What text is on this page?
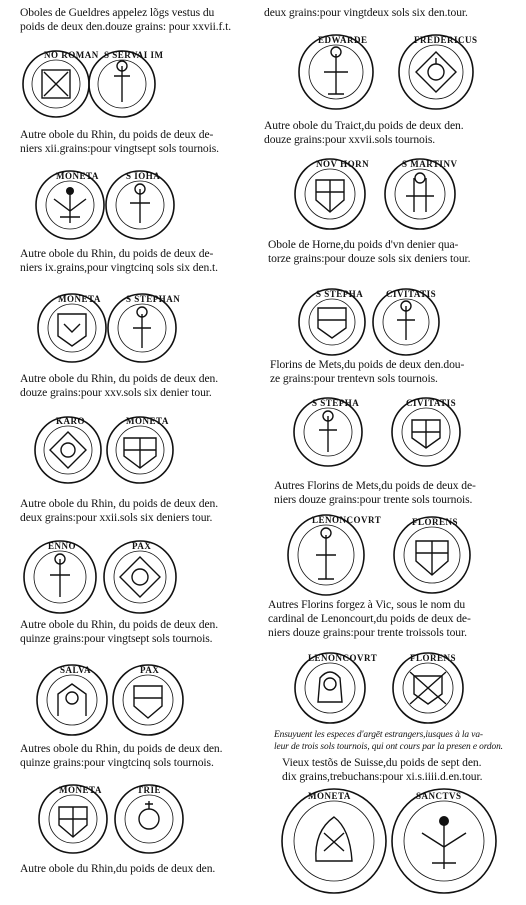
Oboles de Gueldres appelez lõgs vestus du
poids de deux den.douze grains: pour xxvii.f.t.
NO ROMAN S SERVAI IM
Autre obole du Rhin, du poids de deux de-
niers xii.grains:pour vingtsept sols tournois.
MONETA	S IOHA
Autre obole du Rhin, du poids de deux de-
niers ix.grains,pour vingtcinq sols six den.t.
MONETA	S STEPHAN
Autre obole du Rhin, du poids de deux den.
douze grains:pour xxv.sols six denier tour.
KARO	MONETA
Autre obole du Rhin, du poids de deux den.
deux grains:pour xxii.sols six deniers tour.
ENNO	PAX
Autre obole du Rhin, du poids de deux den.
quinze grains:pour vingtsept sols tournois.
SALVA	PAX
Autres obole du Rhin, du poids de deux den.
quinze grains:pour vingtcinq sols tournois.
MONETA	TRIE
Autre obole du Rhin,du poids de deux den.
deux grains:pour vingtdeux sols six den.tour.
EDWARDE	FREDERICUS
Autre obole du Traict,du poids de deux den.
douze grains:pour xxvii.sols tournois.
NOV HORN	S MARTINV
Obole de Horne,du poids d'vn denier qua-
torze grains:pour douze sols six deniers tour.
S STEPHA	CIVITATIS
Florins de Mets,du poids de deux den.dou-
ze grains:pour trentevn sols tournois.
S STEPHA	CIVITATIS
Autres Florins de Mets,du poids de deux de-
niers douze grains:pour trente sols tournois.
LENONCOVRT	FLORENS
Autres Florins forgez à Vic, sous le nom du
cardinal de Lenoncourt,du poids de deux de-
niers douze grains:pour trente troissols tour.
LENONCOVRT	FLORENS
Ensuyuent les especes d'argēt estrangers,iusques à la va-
leur de trois sols tournois, qui ont cours par la presen e ordon.
Vieux testõs de Suisse,du poids de sept den.
dix grains,trebuchans:pour xi.s.iiii.d.en.tour.
MONETA	SANCTVS
